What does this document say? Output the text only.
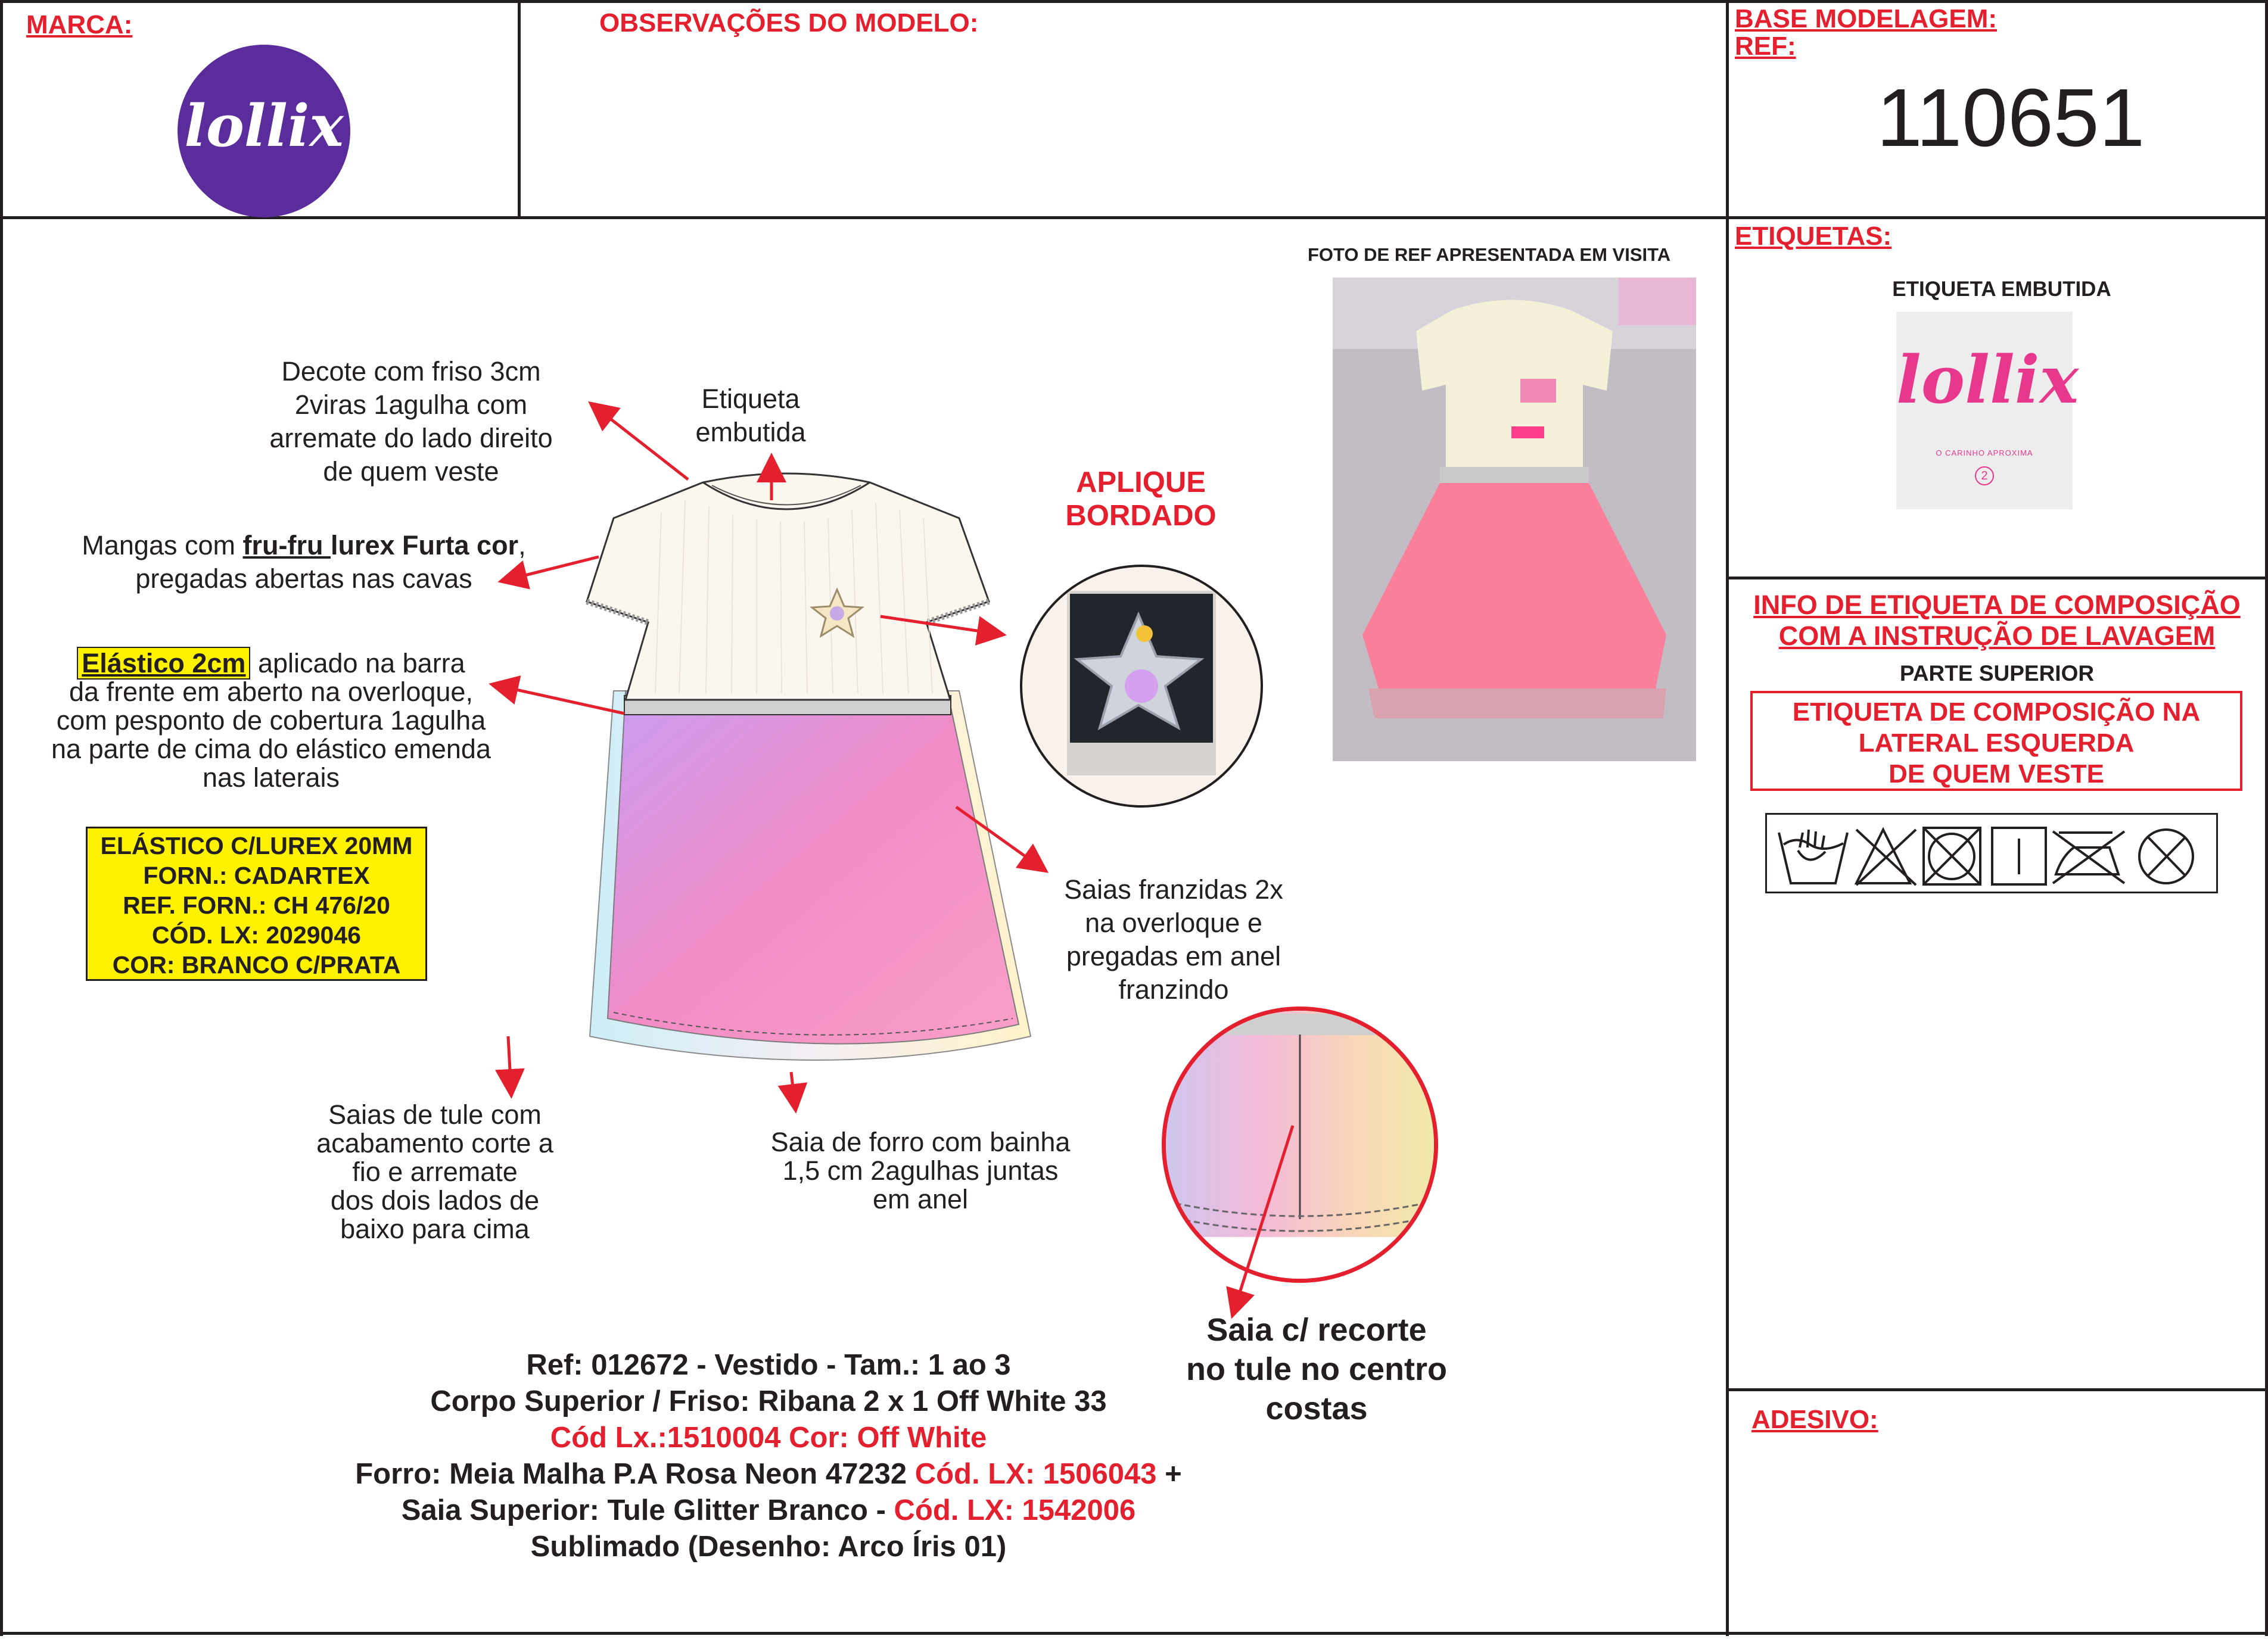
MARCA:
lollix
OBSERVAÇÕES DO MODELO:	BASE MODELAGEM:
REF:
110651
FOTO DE REF APRESENTADA EM VISITA
APLIQUE
BORDADO
Decote com friso 3cm
2viras 1agulha com
arremate do lado direito
de quem veste
Etiqueta
embutida
Mangas com fru-fru lurex Furta cor,
pregadas abertas nas cavas
Elástico 2cm aplicado na barra
da frente em aberto na overloque,
com pesponto de cobertura 1agulha
na parte de cima do elástico emenda
nas laterais
ELÁSTICO C/LUREX 20MM
FORN.: CADARTEX
REF. FORN.: CH 476/20
CÓD. LX: 2029046
COR: BRANCO C/PRATA
Saias franzidas 2x
na overloque e
pregadas em anel
franzindo
Saias de tule com
acabamento corte a
fio e arremate
dos dois lados de
baixo para cima
Saia de forro com bainha
1,5 cm 2agulhas juntas
em anel
Saia c/ recorte
no tule no centro
costas
Ref: 012672 - Vestido - Tam.: 1 ao 3
Corpo Superior / Friso: Ribana 2 x 1 Off White 33
Cód Lx.:1510004 Cor: Off White
Forro: Meia Malha P.A Rosa Neon 47232 Cód. LX: 1506043 +
Saia Superior: Tule Glitter Branco - Cód. LX: 1542006
Sublimado (Desenho: Arco Íris 01)
ETIQUETAS:
ETIQUETA EMBUTIDA
lollix
O CARINHO APROXIMA
2
INFO DE ETIQUETA DE COMPOSIÇÃO
COM A INSTRUÇÃO DE LAVAGEM
PARTE SUPERIOR
ETIQUETA DE COMPOSIÇÃO NA
LATERAL ESQUERDA
DE QUEM VESTE
ADESIVO:
